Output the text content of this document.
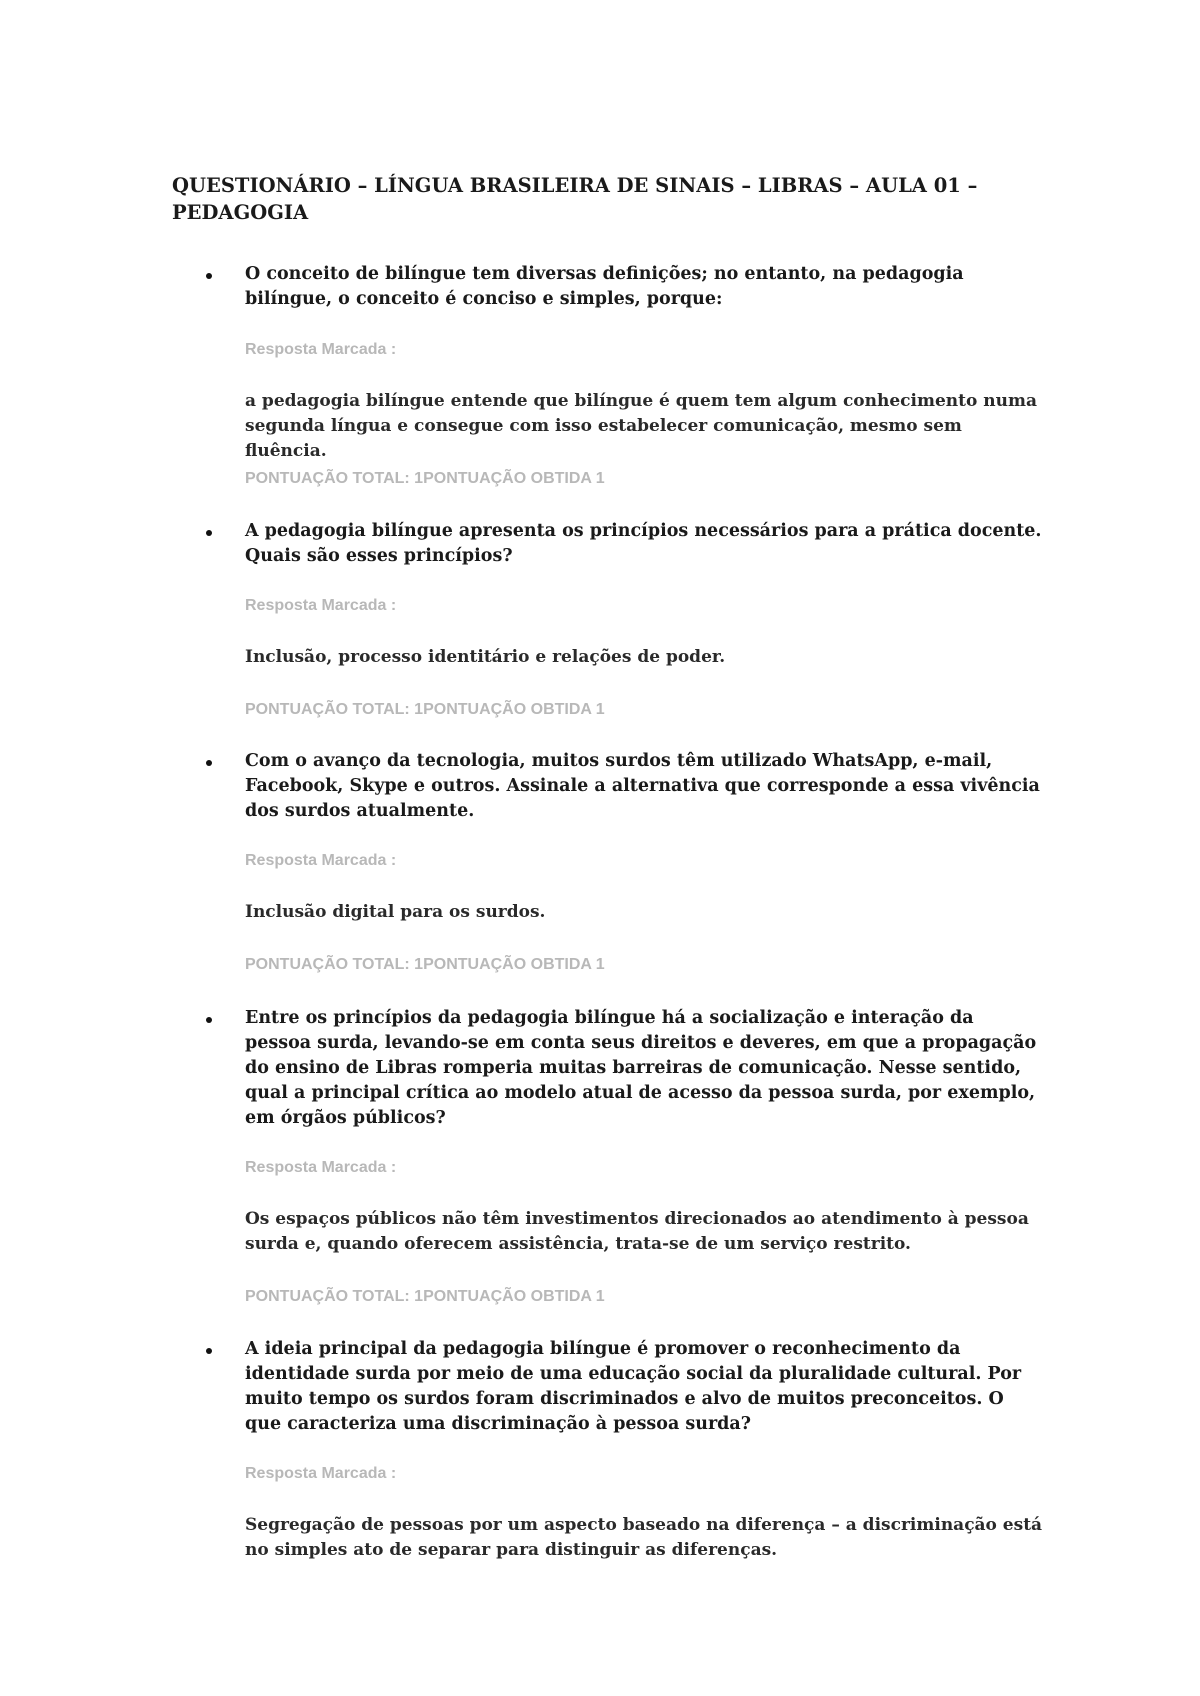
QUESTIONÁRIO – LÍNGUA BRASILEIRA DE SINAIS – LIBRAS – AULA 01 – PEDAGOGIA

O conceito de bilíngue tem diversas definições; no entanto, na pedagogia bilíngue, o conceito é conciso e simples, porque:

Resposta Marcada :

a pedagogia bilíngue entende que bilíngue é quem tem algum conhecimento numa segunda língua e consegue com isso estabelecer comunicação, mesmo sem fluência.

PONTUAÇÃO TOTAL: 1PONTUAÇÃO OBTIDA 1

A pedagogia bilíngue apresenta os princípios necessários para a prática docente. Quais são esses princípios?

Resposta Marcada :

Inclusão, processo identitário e relações de poder.

PONTUAÇÃO TOTAL: 1PONTUAÇÃO OBTIDA 1

Com o avanço da tecnologia, muitos surdos têm utilizado WhatsApp, e-mail, Facebook, Skype e outros. Assinale a alternativa que corresponde a essa vivência dos surdos atualmente.

Resposta Marcada :

Inclusão digital para os surdos.

PONTUAÇÃO TOTAL: 1PONTUAÇÃO OBTIDA 1

Entre os princípios da pedagogia bilíngue há a socialização e interação da pessoa surda, levando-se em conta seus direitos e deveres, em que a propagação do ensino de Libras romperia muitas barreiras de comunicação. Nesse sentido, qual a principal crítica ao modelo atual de acesso da pessoa surda, por exemplo, em órgãos públicos?

Resposta Marcada :

Os espaços públicos não têm investimentos direcionados ao atendimento à pessoa surda e, quando oferecem assistência, trata-se de um serviço restrito.

PONTUAÇÃO TOTAL: 1PONTUAÇÃO OBTIDA 1

A ideia principal da pedagogia bilíngue é promover o reconhecimento da identidade surda por meio de uma educação social da pluralidade cultural. Por muito tempo os surdos foram discriminados e alvo de muitos preconceitos. O que caracteriza uma discriminação à pessoa surda?

Resposta Marcada :

Segregação de pessoas por um aspecto baseado na diferença – a discriminação está no simples ato de separar para distinguir as diferenças.
